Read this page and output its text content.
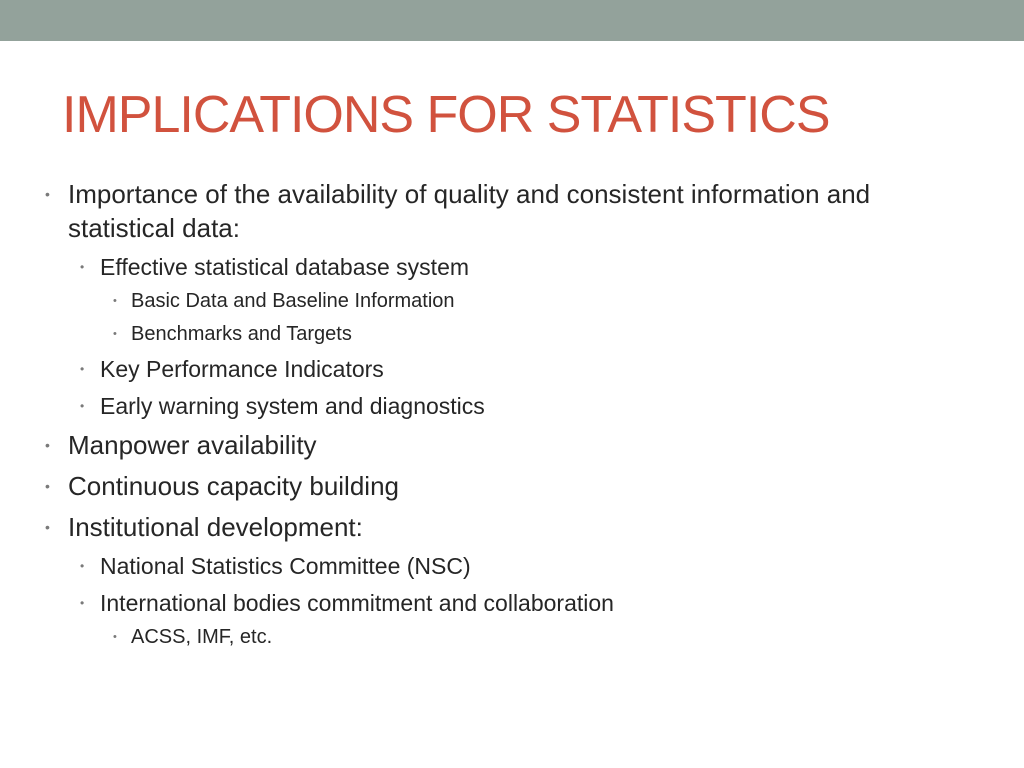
IMPLICATIONS FOR STATISTICS
• Importance of the availability of quality and consistent information and
statistical data:
• Effective statistical database system
• Basic Data and Baseline Information
• Benchmarks and Targets
• Key Performance Indicators
• Early warning system and diagnostics
• Manpower availability
• Continuous capacity building
• Institutional development:
• National Statistics Committee (NSC)
• International bodies commitment and collaboration
• ACSS, IMF, etc.
